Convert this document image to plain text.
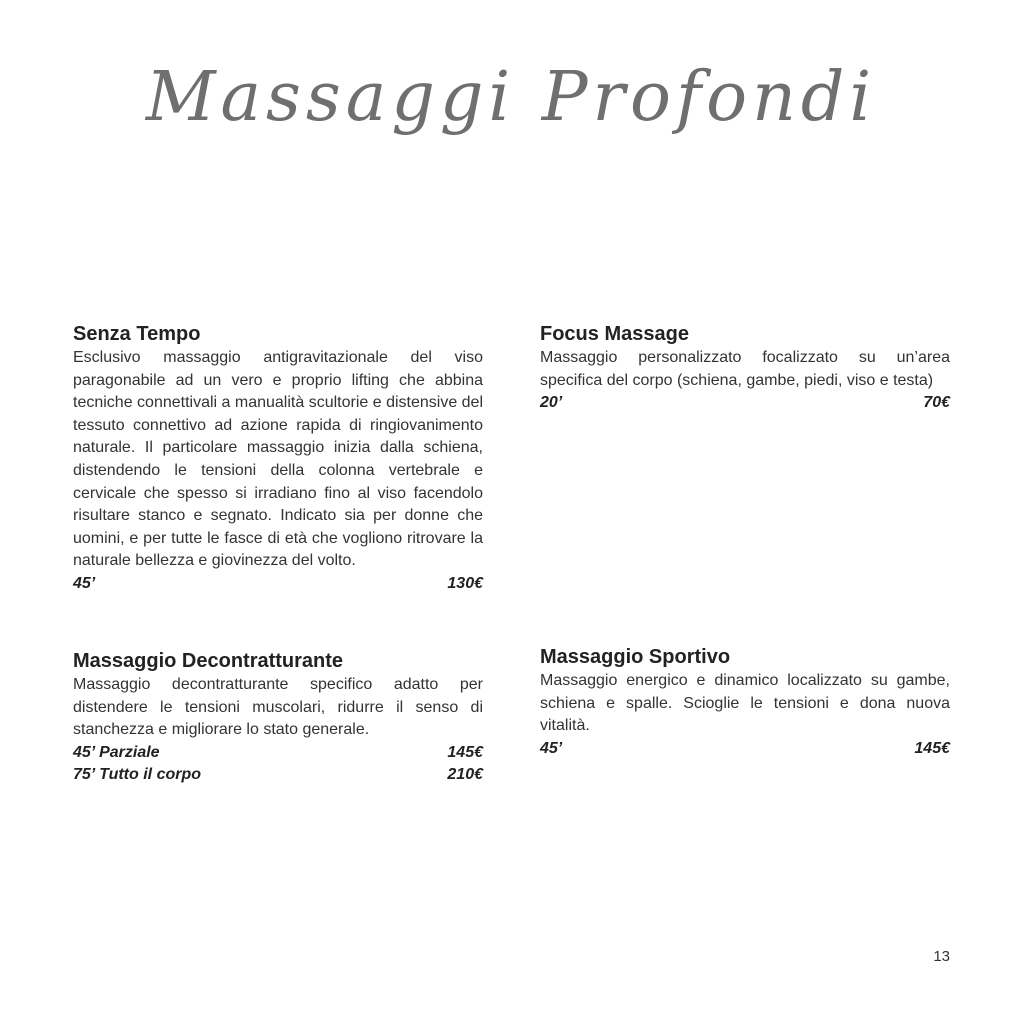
Massaggi Profondi
Senza Tempo

Esclusivo massaggio antigravitazionale del viso paragonabile ad un vero e proprio lifting che abbina tecniche connettivali a manualità scultorie e distensive del tessuto connettivo ad azione rapida di ringiovanimento naturale. Il particolare massaggio inizia dalla schiena, distendendo le tensioni della colonna vertebrale e cervicale che spesso si irradiano fino al viso facendolo risultare stanco e segnato. Indicato sia per donne che uomini, e per tutte le fasce di età che vogliono ritrovare la naturale bellezza e giovinezza del volto.

45’	130€
Focus Massage

Massaggio personalizzato focalizzato su un’area specifica del corpo (schiena, gambe, piedi, viso e testa)

20’	70€
Massaggio Decontratturante

Massaggio decontratturante specifico adatto per distendere le tensioni muscolari, ridurre il senso di stanchezza e migliorare lo stato generale.

45’ Parziale	145€
75’ Tutto il corpo	210€
Massaggio Sportivo

Massaggio energico e dinamico localizzato su gambe, schiena e spalle. Scioglie le tensioni e dona nuova vitalità.

45’	145€
13
